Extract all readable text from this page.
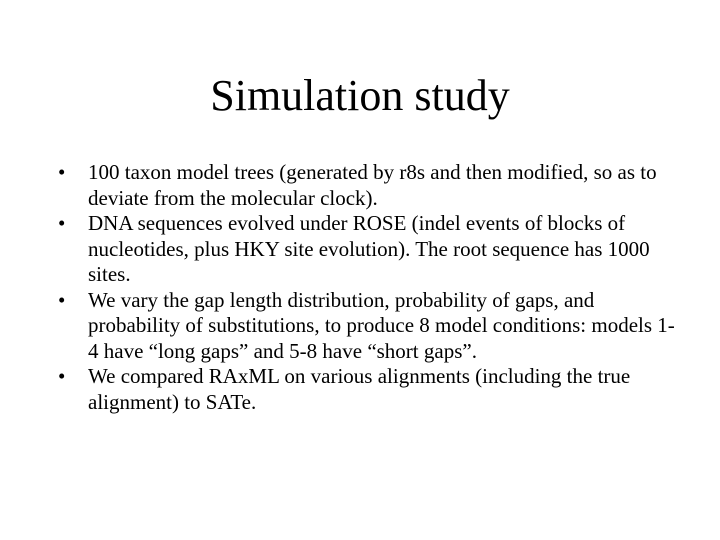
Simulation study
• 100 taxon model trees (generated by r8s and then modified, so as to deviate from the molecular clock).
• DNA sequences evolved under ROSE (indel events of blocks of nucleotides, plus HKY site evolution). The root sequence has 1000 sites.
• We vary the gap length distribution, probability of gaps, and probability of substitutions, to produce 8 model conditions: models 1-4 have “long gaps” and 5-8 have “short gaps”.
• We compared RAxML on various alignments (including the true alignment) to SATe.
